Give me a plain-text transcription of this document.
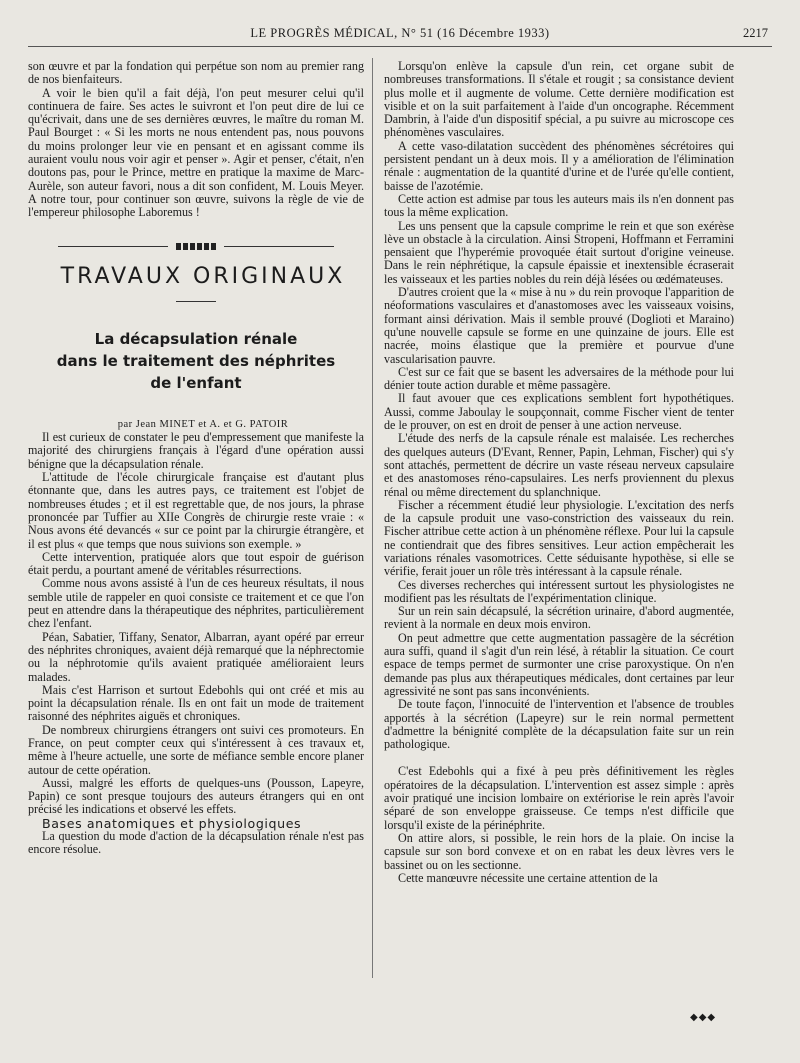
LE PROGRÈS MÉDICAL, N° 51 (16 Décembre 1933)	2217

son œuvre et par la fondation qui perpétue son nom au premier rang de nos bienfaiteurs.

A voir le bien qu'il a fait déjà, l'on peut mesurer celui qu'il continuera de faire. Ses actes le suivront et l'on peut dire de lui ce qu'écrivait, dans une de ses dernières œuvres, le maître du roman M. Paul Bourget : « Si les morts ne nous entendent pas, nous pouvons du moins prolonger leur vie en pensant et en agissant comme ils auraient voulu nous voir agir et penser ». Agir et penser, c'était, n'en doutons pas, pour le Prince, mettre en pratique la maxime de Marc-Aurèle, son auteur favori, nous a dit son confident, M. Louis Meyer. A notre tour, pour continuer son œuvre, suivons la règle de vie de l'empereur philosophe Laboremus !

TRAVAUX ORIGINAUX

La décapsulation rénale
dans le traitement des néphrites
de l'enfant

par Jean MINET et A. et G. PATOIR

Il est curieux de constater le peu d'empressement que manifeste la majorité des chirurgiens français à l'égard d'une opération aussi bénigne que la décapsulation rénale.

L'attitude de l'école chirurgicale française est d'autant plus étonnante que, dans les autres pays, ce traitement est l'objet de nombreuses études ; et il est regrettable que, de nos jours, la phrase prononcée par Tuffier au XIIe Congrès de chirurgie reste vraie : « Nous avons été devancés « sur ce point par la chirurgie étrangère, et il est plus « que temps que nous suivions son exemple. »

Cette intervention, pratiquée alors que tout espoir de guérison était perdu, a pourtant amené de véritables résurrections.

Comme nous avons assisté à l'un de ces heureux résultats, il nous semble utile de rappeler en quoi consiste ce traitement et ce que l'on peut en attendre dans la thérapeutique des néphrites, particulièrement chez l'enfant.

Péan, Sabatier, Tiffany, Senator, Albarran, ayant opéré par erreur des néphrites chroniques, avaient déjà remarqué que la néphrectomie ou la néphrotomie qu'ils avaient pratiquée amélioraient leurs malades.

Mais c'est Harrison et surtout Edebohls qui ont créé et mis au point la décapsulation rénale. Ils en ont fait un mode de traitement raisonné des néphrites aiguës et chroniques.

De nombreux chirurgiens étrangers ont suivi ces promoteurs. En France, on peut compter ceux qui s'intéressent à ces travaux et, même à l'heure actuelle, une sorte de méfiance semble encore planer autour de cette opération.

Aussi, malgré les efforts de quelques-uns (Pousson, Lapeyre, Papin) ce sont presque toujours des auteurs étrangers qui en ont précisé les indications et observé les effets.

Bases anatomiques et physiologiques

La question du mode d'action de la décapsulation rénale n'est pas encore résolue.

Lorsqu'on enlève la capsule d'un rein, cet organe subit de nombreuses transformations. Il s'étale et rougit ; sa consistance devient plus molle et il augmente de volume. Cette dernière modification est visible et on la suit parfaitement à l'aide d'un oncographe. Récemment Dambrin, à l'aide d'un dispositif spécial, a pu suivre au microscope ces phénomènes vasculaires.

A cette vaso-dilatation succèdent des phénomènes sécrétoires qui persistent pendant un à deux mois. Il y a amélioration de l'élimination rénale : augmentation de la quantité d'urine et de l'urée qu'elle contient, baisse de l'azotémie.

Cette action est admise par tous les auteurs mais ils n'en donnent pas tous la même explication.

Les uns pensent que la capsule comprime le rein et que son exérèse lève un obstacle à la circulation. Ainsi Stropeni, Hoffmann et Ferramini pensaient que l'hyperémie provoquée était surtout d'origine veineuse. Dans le rein néphrétique, la capsule épaissie et inextensible écraserait les vaisseaux et les parties nobles du rein déjà lésées ou œdémateuses.

D'autres croient que la « mise à nu » du rein provoque l'apparition de néoformations vasculaires et d'anastomoses avec les vaisseaux voisins, formant ainsi dérivation. Mais il semble prouvé (Doglioti et Maraino) qu'une nouvelle capsule se forme en une quinzaine de jours. Elle est nacrée, moins élastique que la première et pourvue d'une vascularisation pauvre.

C'est sur ce fait que se basent les adversaires de la méthode pour lui dénier toute action durable et même passagère.

Il faut avouer que ces explications semblent fort hypothétiques. Aussi, comme Jaboulay le soupçonnait, comme Fischer vient de tenter de le prouver, on est en droit de penser à une action nerveuse.

L'étude des nerfs de la capsule rénale est malaisée. Les recherches des quelques auteurs (D'Evant, Renner, Papin, Lehman, Fischer) qui s'y sont attachés, permettent de décrire un vaste réseau nerveux capsulaire et des anastomoses réno-capsulaires. Les nerfs proviennent du plexus rénal ou même directement du splanchnique.

Fischer a récemment étudié leur physiologie. L'excitation des nerfs de la capsule produit une vaso-constriction des vaisseaux du rein. Fischer attribue cette action à un phénomène réflexe. Pour lui la capsule ne contiendrait que des fibres sensitives. Leur action empêcherait les variations rénales vasomotrices. Cette séduisante hypothèse, si elle se vérifie, ferait jouer un rôle très intéressant à la capsule rénale.

Ces diverses recherches qui intéressent surtout les physiologistes ne modifient pas les résultats de l'expérimentation clinique.

Sur un rein sain décapsulé, la sécrétion urinaire, d'abord augmentée, revient à la normale en deux mois environ.

On peut admettre que cette augmentation passagère de la sécrétion aura suffi, quand il s'agit d'un rein lésé, à rétablir la situation. Ce court espace de temps permet de surmonter une crise paroxystique. On n'en demande pas plus aux thérapeutiques médicales, dont certaines par leur agressivité ne sont pas sans inconvénients.

De toute façon, l'innocuité de l'intervention et l'absence de troubles apportés à la sécrétion (Lapeyre) sur le rein normal permettent d'admettre la bénignité complète de la décapsulation faite sur un rein pathologique.

C'est Edebohls qui a fixé à peu près définitivement les règles opératoires de la décapsulation. L'intervention est assez simple : après avoir pratiqué une incision lombaire on extériorise le rein après l'avoir séparé de son enveloppe graisseuse. Ce temps n'est difficile que lorsqu'il existe de la périnéphrite.

On attire alors, si possible, le rein hors de la plaie. On incise la capsule sur son bord convexe et on en rabat les deux lèvres vers le bassinet ou on les sectionne.

Cette manœuvre nécessite une certaine attention de la

◆◆◆
